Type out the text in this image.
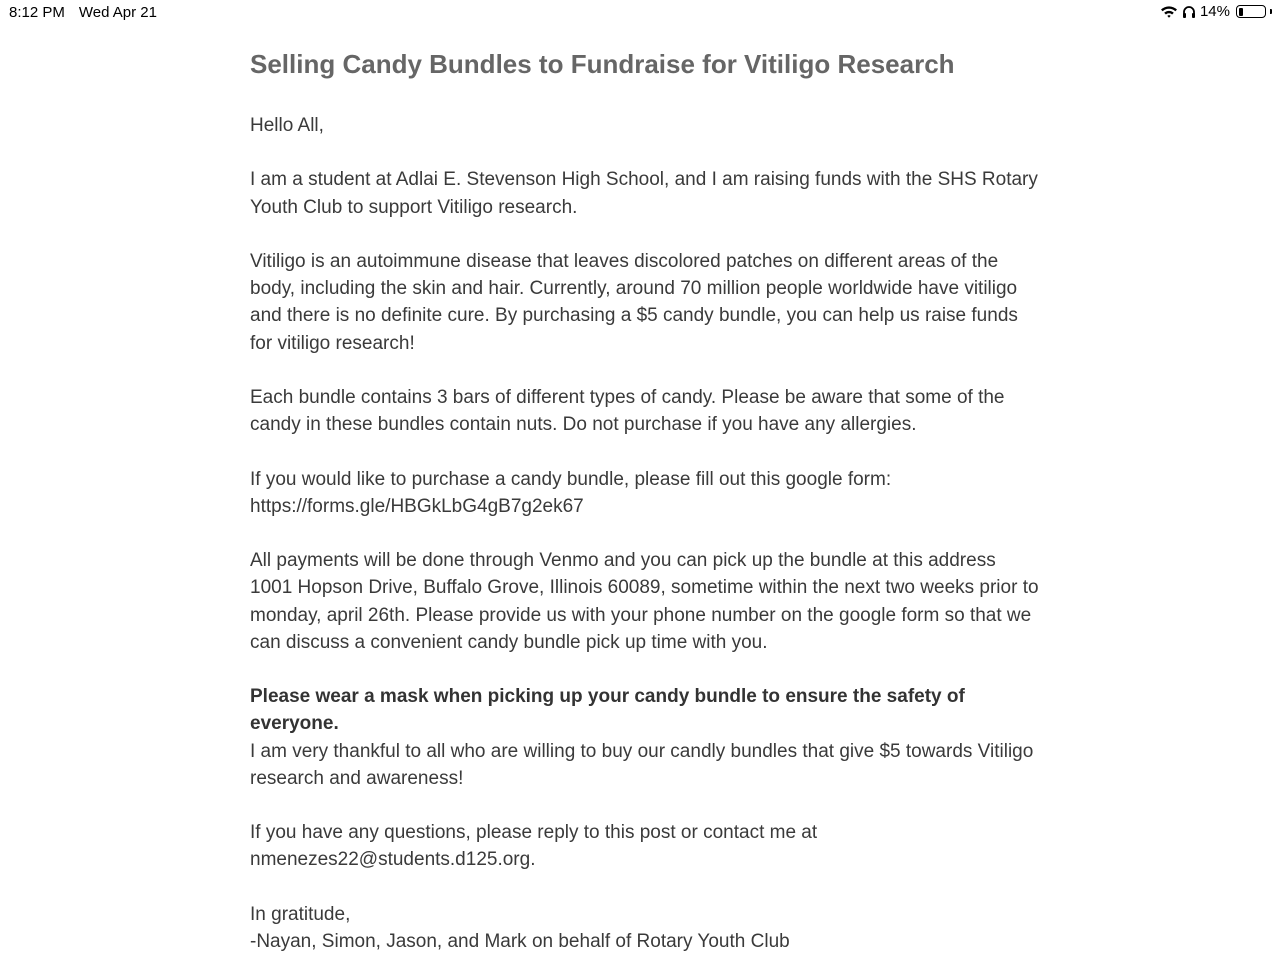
8:12 PM Wed Apr 21	14%
Selling Candy Bundles to Fundraise for Vitiligo Research

Hello All,

I am a student at Adlai E. Stevenson High School, and I am raising funds with the SHS Rotary Youth Club to support Vitiligo research.

Vitiligo is an autoimmune disease that leaves discolored patches on different areas of the body, including the skin and hair. Currently, around 70 million people worldwide have vitiligo and there is no definite cure. By purchasing a $5 candy bundle, you can help us raise funds for vitiligo research!

Each bundle contains 3 bars of different types of candy. Please be aware that some of the candy in these bundles contain nuts. Do not purchase if you have any allergies.

If you would like to purchase a candy bundle, please fill out this google form:
https://forms.gle/HBGkLbG4gB7g2ek67

All payments will be done through Venmo and you can pick up the bundle at this address 1001 Hopson Drive, Buffalo Grove, Illinois 60089, sometime within the next two weeks prior to monday, april 26th. Please provide us with your phone number on the google form so that we can discuss a convenient candy bundle pick up time with you.

Please wear a mask when picking up your candy bundle to ensure the safety of everyone.

I am very thankful to all who are willing to buy our candly bundles that give $5 towards Vitiligo research and awareness!

If you have any questions, please reply to this post or contact me at
nmenezes22@students.d125.org.

In gratitude,
-Nayan, Simon, Jason, and Mark on behalf of Rotary Youth Club
